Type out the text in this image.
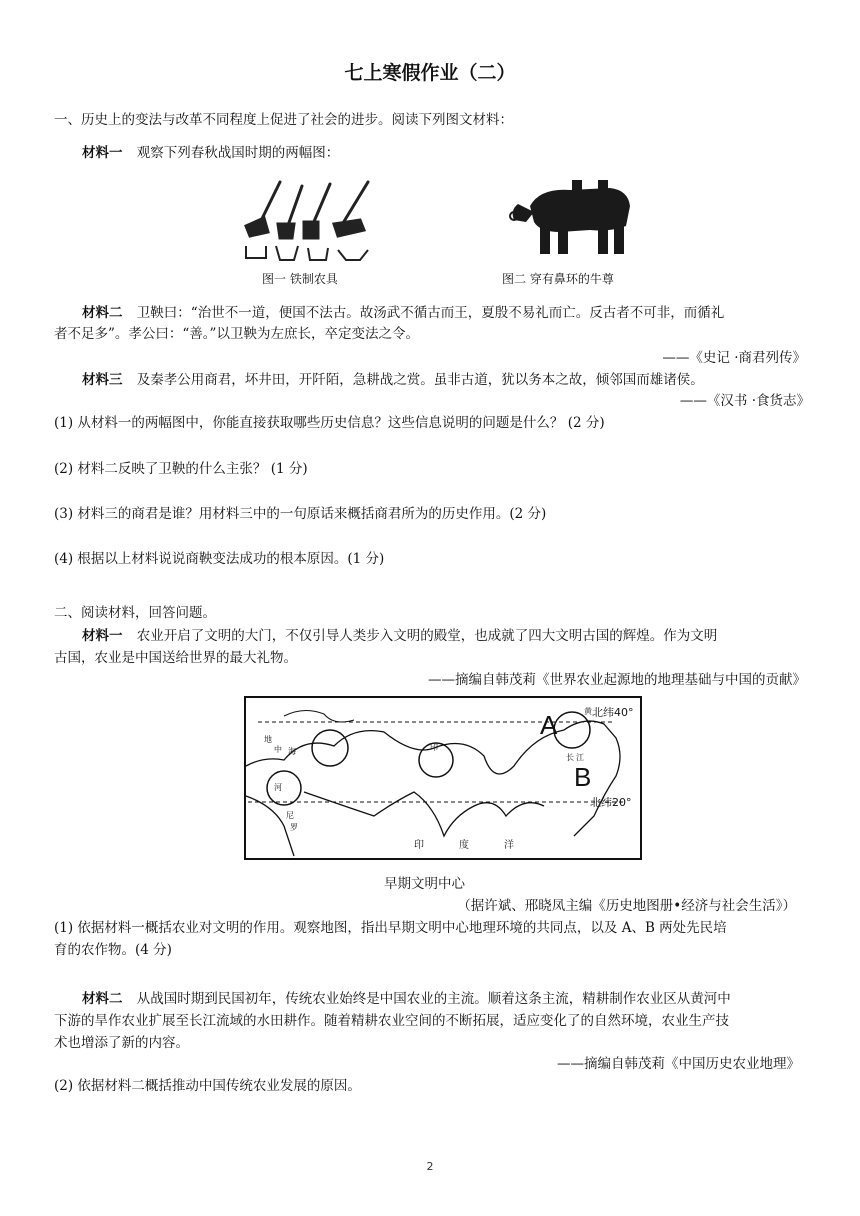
七上寒假作业（二）
一、历史上的变法与改革不同程度上促进了社会的进步。阅读下列图文材料：
材料一 观察下列春秋战国时期的两幅图：
图一 铁制农具	图二 穿有鼻环的牛尊
材料二 卫鞅曰：“治世不一道，便国不法古。故汤武不循古而王，夏殷不易礼而亡。反古者不可非，而循礼
者不足多”。孝公曰：“善。”以卫鞅为左庶长，卒定变法之令。
——《史记 ·商君列传》
材料三 及秦孝公用商君，坏井田，开阡陌，急耕战之赏。虽非古道，犹以务本之故，倾邻国而雄诸侯。
——《汉书 ·食货志》
(1) 从材料一的两幅图中，你能直接获取哪些历史信息？这些信息说明的问题是什么？ (2 分)
(2) 材料二反映了卫鞅的什么主张？ (1 分)
(3) 材料三的商君是谁？用材料三中的一句原话来概括商君所为的历史作用。(2 分)
(4) 根据以上材料说说商鞅变法成功的根本原因。(1 分)
二、阅读材料，回答问题。
材料一 农业开启了文明的大门，不仅引导人类步入文明的殿堂，也成就了四大文明古国的辉煌。作为文明
古国，农业是中国送给世界的最大礼物。
——摘编自韩茂莉《世界农业起源地的地理基础与中国的贡献》
A
B
北纬40°
北纬20°
印	度	洋
河
地
中 海	印
长 江
黄
尼
罗
早期文明中心
（据许斌、邢晓凤主编《历史地图册•经济与社会生活》）
(1) 依据材料一概括农业对文明的作用。观察地图，指出早期文明中心地理环境的共同点，以及 A、B 两处先民培
育的农作物。(4 分)
材料二 从战国时期到民国初年，传统农业始终是中国农业的主流。顺着这条主流，精耕制作农业区从黄河中
下游的旱作农业扩展至长江流域的水田耕作。随着精耕农业空间的不断拓展，适应变化了的自然环境，农业生产技
术也增添了新的内容。
——摘编自韩茂莉《中国历史农业地理》
(2) 依据材料二概括推动中国传统农业发展的原因。
2
